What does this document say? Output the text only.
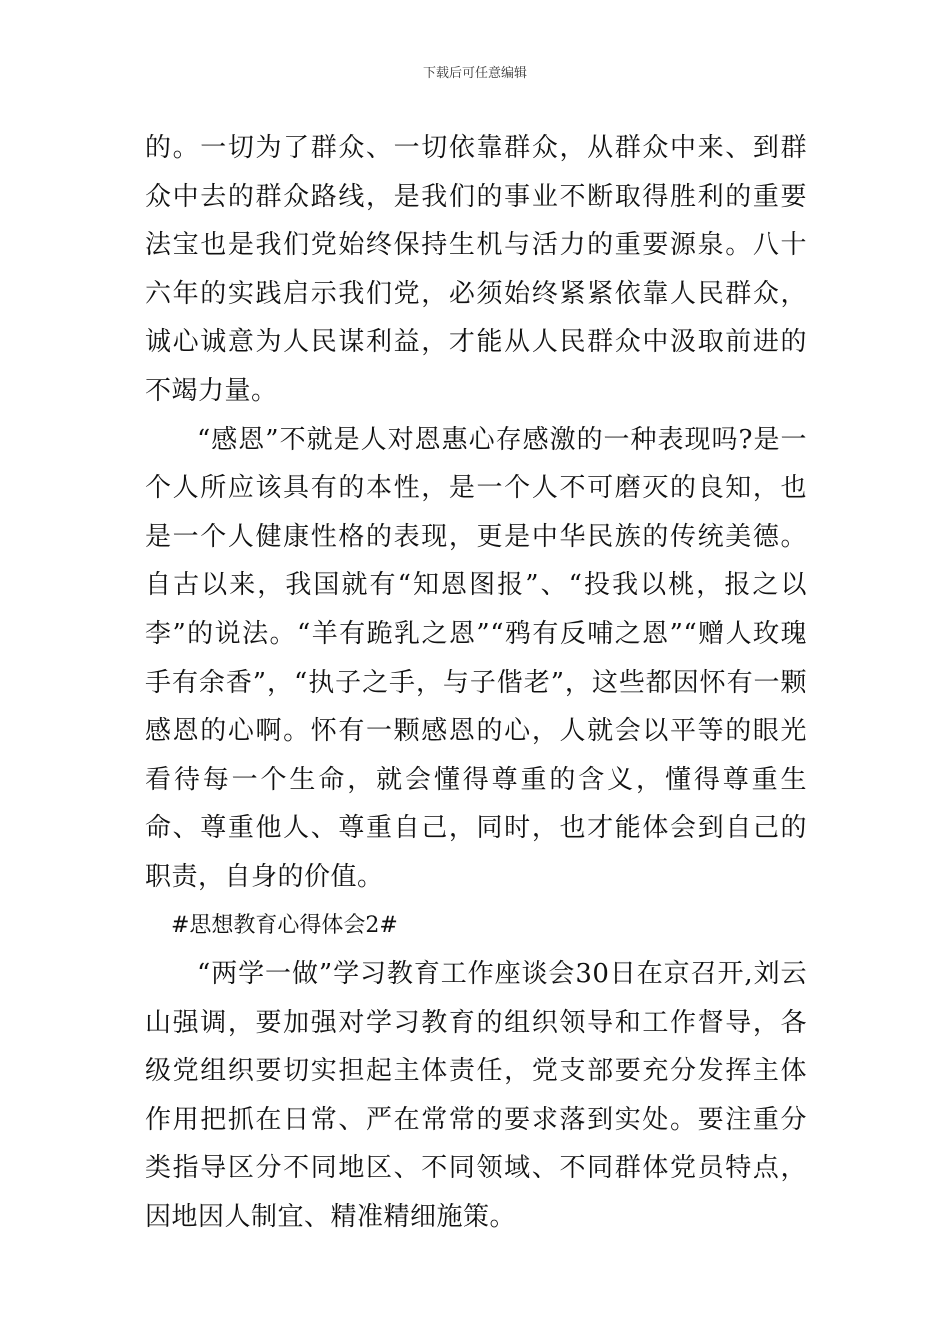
下载后可任意编辑

的。一切为了群众、一切依靠群众，从群众中来、到群众中去的群众路线，是我们的事业不断取得胜利的重要法宝也是我们党始终保持生机与活力的重要源泉。八十六年的实践启示我们党，必须始终紧紧依靠人民群众，诚心诚意为人民谋利益，才能从人民群众中汲取前进的不竭力量。

“感恩”不就是人对恩惠心存感激的一种表现吗?是一个人所应该具有的本性，是一个人不可磨灭的良知，也是一个人健康性格的表现，更是中华民族的传统美德。自古以来，我国就有“知恩图报”、“投我以桃，报之以李”的说法。“羊有跪乳之恩”“鸦有反哺之恩”“赠人玫瑰手有余香”，“执子之手，与子偕老”，这些都因怀有一颗感恩的心啊。怀有一颗感恩的心，人就会以平等的眼光看待每一个生命，就会懂得尊重的含义，懂得尊重生命、尊重他人、尊重自己，同时，也才能体会到自己的职责，自身的价值。

#思想教育心得体会2#

“两学一做”学习教育工作座谈会30日在京召开,刘云山强调，要加强对学习教育的组织领导和工作督导，各级党组织要切实担起主体责任，党支部要充分发挥主体作用把抓在日常、严在常常的要求落到实处。要注重分类指导区分不同地区、不同领域、不同群体党员特点，因地因人制宜、精准精细施策。
